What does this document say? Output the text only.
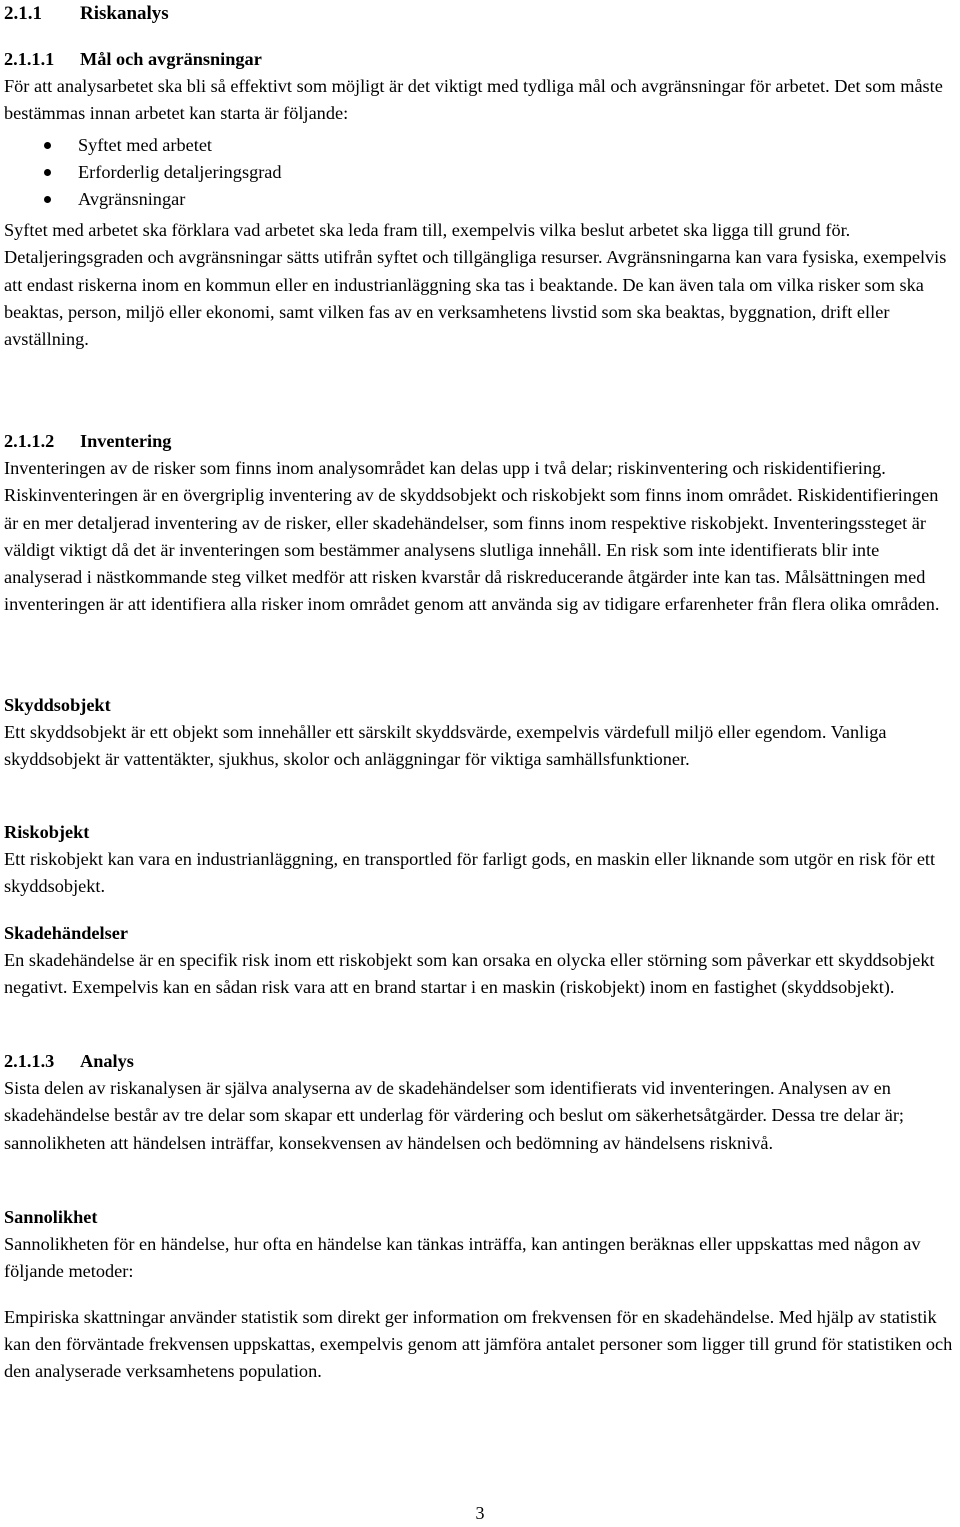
2.1.1 Riskanalys

2.1.1.1 Mål och avgränsningar

För att analysarbetet ska bli så effektivt som möjligt är det viktigt med tydliga mål och avgränsningar för arbetet. Det som måste bestämmas innan arbetet kan starta är följande:

Syftet med arbetet
Erforderlig detaljeringsgrad
Avgränsningar

Syftet med arbetet ska förklara vad arbetet ska leda fram till, exempelvis vilka beslut arbetet ska ligga till grund för. Detaljeringsgraden och avgränsningar sätts utifrån syftet och tillgängliga resurser. Avgränsningarna kan vara fysiska, exempelvis att endast riskerna inom en kommun eller en industrianläggning ska tas i beaktande. De kan även tala om vilka risker som ska beaktas, person, miljö eller ekonomi, samt vilken fas av en verksamhetens livstid som ska beaktas, byggnation, drift eller avställning.

2.1.1.2 Inventering

Inventeringen av de risker som finns inom analysområdet kan delas upp i två delar; riskinventering och riskidentifiering. Riskinventeringen är en övergriplig inventering av de skyddsobjekt och riskobjekt som finns inom området. Riskidentifieringen är en mer detaljerad inventering av de risker, eller skadehändelser, som finns inom respektive riskobjekt. Inventeringssteget är väldigt viktigt då det är inventeringen som bestämmer analysens slutliga innehåll. En risk som inte identifierats blir inte analyserad i nästkommande steg vilket medför att risken kvarstår då riskreducerande åtgärder inte kan tas. Målsättningen med inventeringen är att identifiera alla risker inom området genom att använda sig av tidigare erfarenheter från flera olika områden.

Skyddsobjekt

Ett skyddsobjekt är ett objekt som innehåller ett särskilt skyddsvärde, exempelvis värdefull miljö eller egendom. Vanliga skyddsobjekt är vattentäkter, sjukhus, skolor och anläggningar för viktiga samhällsfunktioner.

Riskobjekt

Ett riskobjekt kan vara en industrianläggning, en transportled för farligt gods, en maskin eller liknande som utgör en risk för ett skyddsobjekt.

Skadehändelser

En skadehändelse är en specifik risk inom ett riskobjekt som kan orsaka en olycka eller störning som påverkar ett skyddsobjekt negativt. Exempelvis kan en sådan risk vara att en brand startar i en maskin (riskobjekt) inom en fastighet (skyddsobjekt).

2.1.1.3 Analys

Sista delen av riskanalysen är själva analyserna av de skadehändelser som identifierats vid inventeringen. Analysen av en skadehändelse består av tre delar som skapar ett underlag för värdering och beslut om säkerhetsåtgärder. Dessa tre delar är; sannolikheten att händelsen inträffar, konsekvensen av händelsen och bedömning av händelsens risknivå.

Sannolikhet

Sannolikheten för en händelse, hur ofta en händelse kan tänkas inträffa, kan antingen beräknas eller uppskattas med någon av följande metoder:

Empiriska skattningar använder statistik som direkt ger information om frekvensen för en skadehändelse. Med hjälp av statistik kan den förväntade frekvensen uppskattas, exempelvis genom att jämföra antalet personer som ligger till grund för statistiken och den analyserade verksamhetens population.

3
